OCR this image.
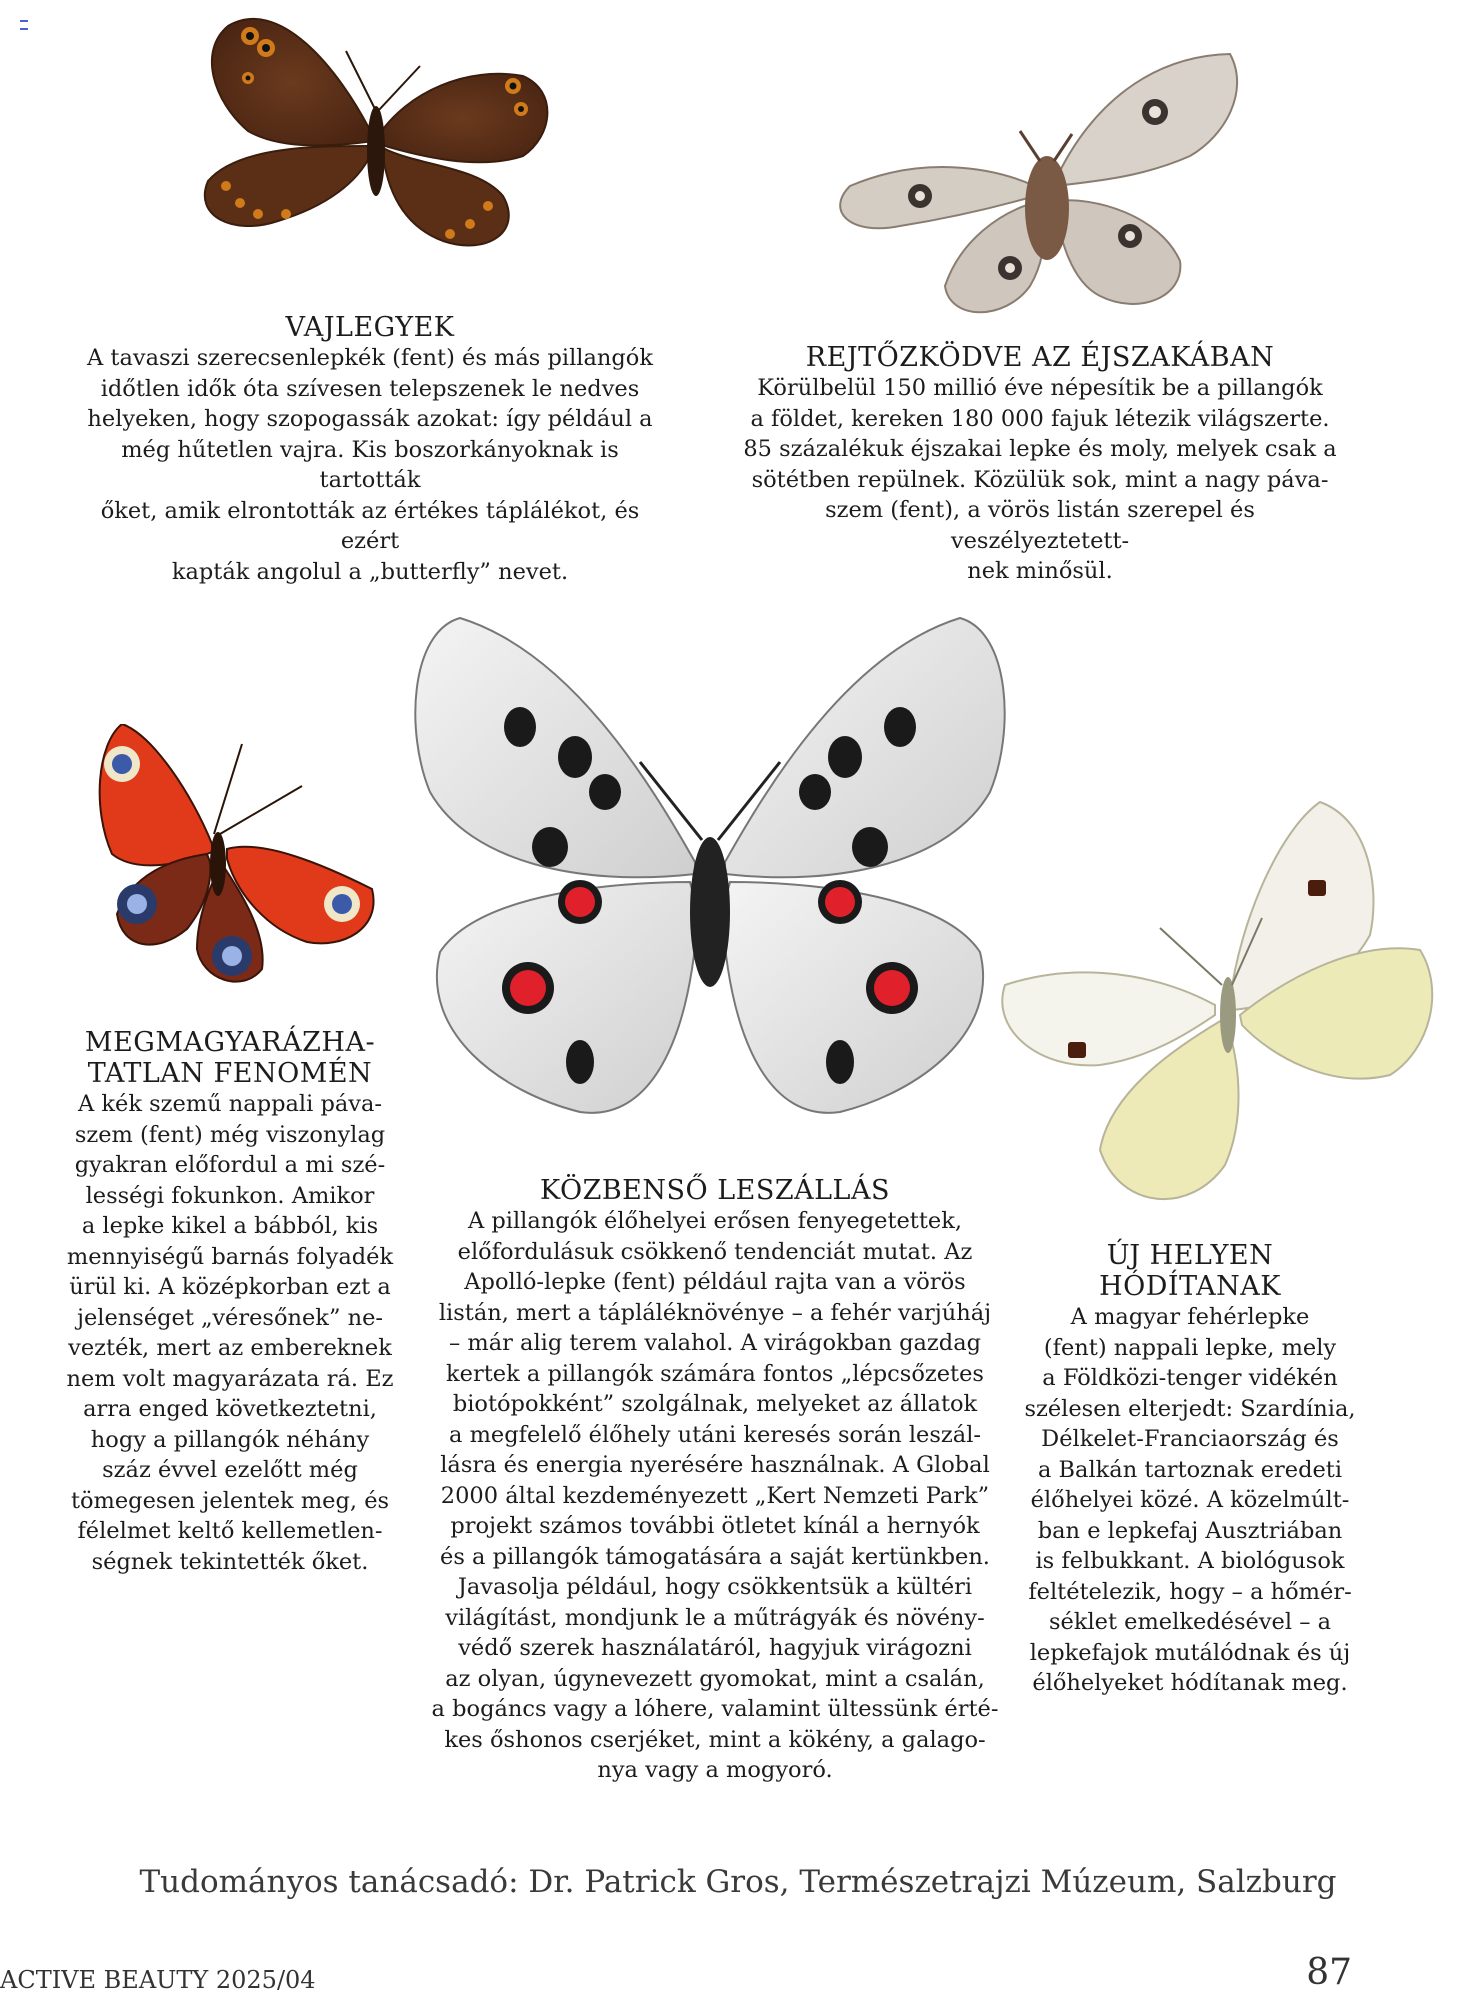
VAJLEGYEK

A tavaszi szerecsenlepkék (fent) és más pillangók
időtlen idők óta szívesen telepszenek le nedves
helyeken, hogy szopogassák azokat: így például a
még hűtetlen vajra. Kis boszorkányoknak is tartották
őket, amik elrontották az értékes táplálékot, és ezért
kapták angolul a „butterfly” nevet.

REJTŐZKÖDVE AZ ÉJSZAKÁBAN

Körülbelül 150 millió éve népesítik be a pillangók
a földet, kereken 180 000 fajuk létezik világszerte.
85 százalékuk éjszakai lepke és moly, melyek csak a
sötétben repülnek. Közülük sok, mint a nagy páva-
szem (fent), a vörös listán szerepel és veszélyeztetett-
nek minősül.

MEGMAGYARÁZHA-
TATLAN FENOMÉN

A kék szemű nappali páva-
szem (fent) még viszonylag
gyakran előfordul a mi szé-
lességi fokunkon. Amikor
a lepke kikel a bábból, kis
mennyiségű barnás folyadék
ürül ki. A középkorban ezt a
jelenséget „véresőnek” ne-
vezték, mert az embereknek
nem volt magyarázata rá. Ez
arra enged következtetni,
hogy a pillangók néhány
száz évvel ezelőtt még
tömegesen jelentek meg, és
félelmet keltő kellemetlen-
ségnek tekintették őket.

KÖZBENSŐ LESZÁLLÁS

A pillangók élőhelyei erősen fenyegetettek,
előfordulásuk csökkenő tendenciát mutat. Az
Apolló-lepke (fent) például rajta van a vörös
listán, mert a tápláléknövénye – a fehér varjúháj
– már alig terem valahol. A virágokban gazdag
kertek a pillangók számára fontos „lépcsőzetes
biotópokként” szolgálnak, melyeket az állatok
a megfelelő élőhely utáni keresés során leszál-
lásra és energia nyerésére használnak. A Global
2000 által kezdeményezett „Kert Nemzeti Park”
projekt számos további ötletet kínál a hernyók
és a pillangók támogatására a saját kertünkben.
Javasolja például, hogy csökkentsük a kültéri
világítást, mondjunk le a műtrágyák és növény-
védő szerek használatáról, hagyjuk virágozni
az olyan, úgynevezett gyomokat, mint a csalán,
a bogáncs vagy a lóhere, valamint ültessünk érté-
kes őshonos cserjéket, mint a kökény, a galago-
nya vagy a mogyoró.

ÚJ HELYEN
HÓDÍTANAK

A magyar fehérlepke
(fent) nappali lepke, mely
a Földközi-tenger vidékén
szélesen elterjedt: Szardínia,
Délkelet-Franciaország és
a Balkán tartoznak eredeti
élőhelyei közé. A közelmúlt-
ban e lepkefaj Ausztriában
is felbukkant. A biológusok
feltételezik, hogy – a hőmér-
séklet emelkedésével – a
lepkefajok mutálódnak és új
élőhelyeket hódítanak meg.

Tudományos tanácsadó: Dr. Patrick Gros, Természetrajzi Múzeum, Salzburg
ACTIVE BEAUTY 2025/04	87
